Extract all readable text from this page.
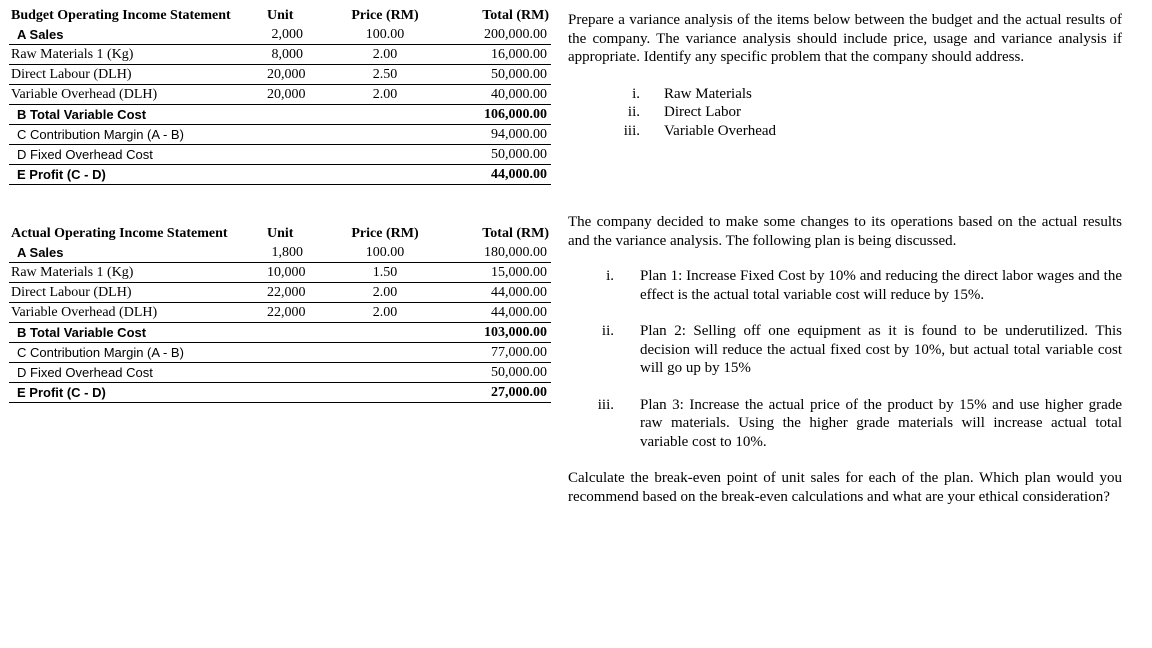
Budget Operating Income Statement	Unit	Price (RM)	Total (RM)
A Sales	2,000	100.00	200,000.00
Raw Materials 1 (Kg)	8,000	2.00	16,000.00
Direct Labour (DLH)	20,000	2.50	50,000.00
Variable Overhead (DLH)	20,000	2.00	40,000.00
B Total Variable Cost			106,000.00
C Contribution Margin (A - B)			94,000.00
D Fixed Overhead Cost			50,000.00
E Profit (C - D)			44,000.00
Actual Operating Income Statement	Unit	Price (RM)	Total (RM)
A Sales	1,800	100.00	180,000.00
Raw Materials 1 (Kg)	10,000	1.50	15,000.00
Direct Labour (DLH)	22,000	2.00	44,000.00
Variable Overhead (DLH)	22,000	2.00	44,000.00
B Total Variable Cost			103,000.00
C Contribution Margin (A - B)			77,000.00
D Fixed Overhead Cost			50,000.00
E Profit (C - D)			27,000.00

Prepare a variance analysis of the items below between the budget and the actual results of the company. The variance analysis should include price, usage and variance analysis if appropriate. Identify any specific problem that the company should address.

i. Raw Materials
ii. Direct Labor
iii. Variable Overhead

The company decided to make some changes to its operations based on the actual results and the variance analysis. The following plan is being discussed.

i.	Plan 1: Increase Fixed Cost by 10% and reducing the direct labor wages and the effect is the actual total variable cost will reduce by 15%.
ii.	Plan 2: Selling off one equipment as it is found to be underutilized. This decision will reduce the actual fixed cost by 10%, but actual total variable cost will go up by 15%
iii.	Plan 3: Increase the actual price of the product by 15% and use higher grade raw materials. Using the higher grade materials will increase actual total variable cost to 10%.

Calculate the break-even point of unit sales for each of the plan. Which plan would you recommend based on the break-even calculations and what are your ethical consideration?
